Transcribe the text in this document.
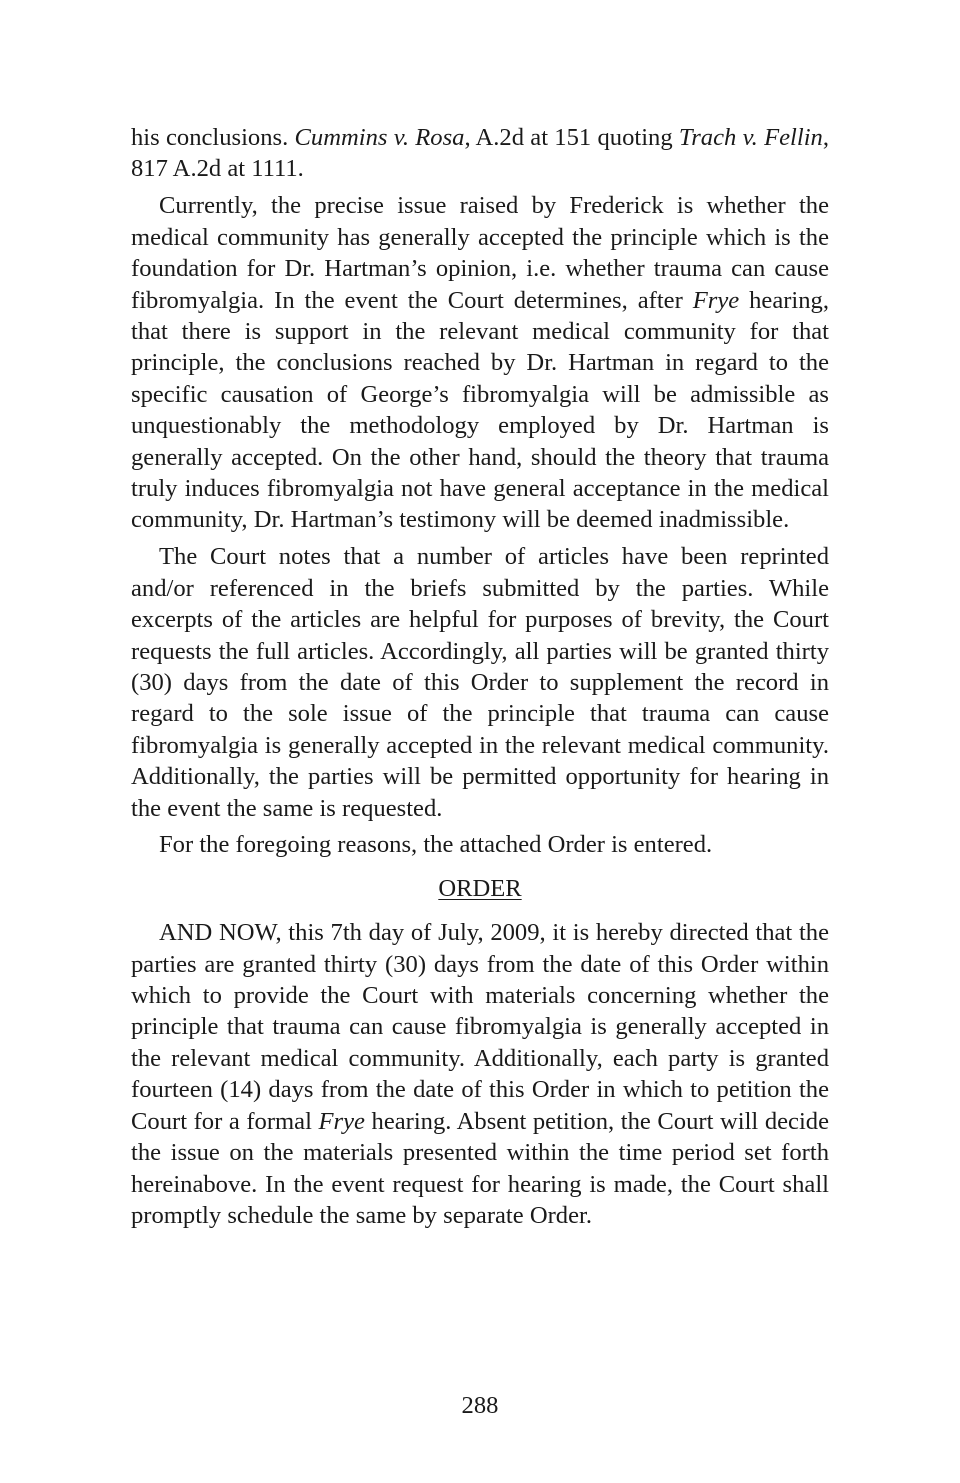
his conclusions. Cummins v. Rosa, A.2d at 151 quoting Trach v. Fellin, 817 A.2d at 1111.

Currently, the precise issue raised by Frederick is whether the medical community has generally accepted the principle which is the foundation for Dr. Hartman’s opinion, i.e. whether trauma can cause fibromyalgia. In the event the Court determines, after Frye hearing, that there is support in the relevant medical community for that principle, the conclusions reached by Dr. Hartman in regard to the specific causation of George’s fibromyalgia will be admissible as unquestionably the methodology employed by Dr. Hartman is generally accepted. On the other hand, should the theory that trauma truly induces fibromyalgia not have general acceptance in the medical community, Dr. Hartman’s testimony will be deemed inadmissible.

The Court notes that a number of articles have been reprinted and/or referenced in the briefs submitted by the parties. While excerpts of the articles are helpful for purposes of brevity, the Court requests the full articles. Accordingly, all parties will be granted thirty (30) days from the date of this Order to supplement the record in regard to the sole issue of the principle that trauma can cause fibromyalgia is generally accepted in the relevant medical community. Additionally, the parties will be permitted opportunity for hearing in the event the same is requested.

For the foregoing reasons, the attached Order is entered.

ORDER

AND NOW, this 7th day of July, 2009, it is hereby directed that the parties are granted thirty (30) days from the date of this Order within which to provide the Court with materials concerning whether the principle that trauma can cause fibromyalgia is generally accepted in the relevant medical community. Additionally, each party is granted fourteen (14) days from the date of this Order in which to petition the Court for a formal Frye hearing. Absent petition, the Court will decide the issue on the materials presented within the time period set forth hereinabove. In the event request for hearing is made, the Court shall promptly schedule the same by separate Order.

288
